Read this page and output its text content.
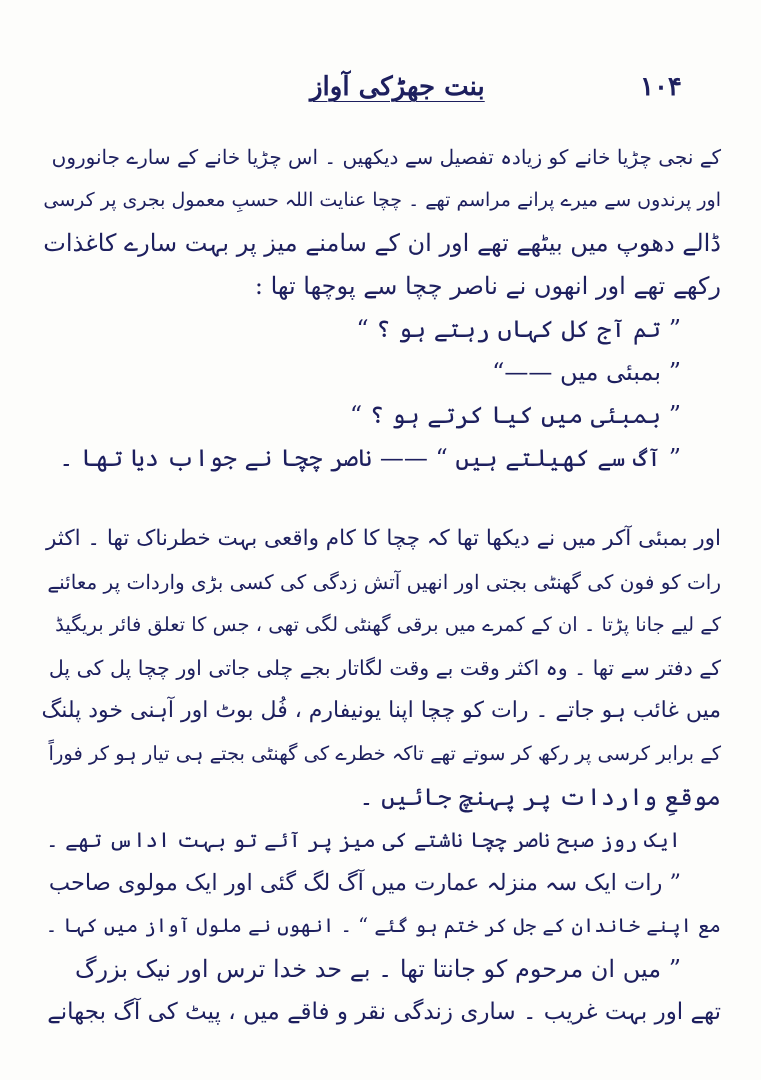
بنت جھڑکی آواز	۱۰۴
کے نجی چڑیا خانے کو زیادہ تفصیل سے دیکھیں ۔ اس چڑیا خانے کے سارے جانوروں
اور پرندوں سے میرے پرانے مراسم تھے ۔ چچا عنایت اللہ حسبِ معمول بجری پر کرسی
ڈالے دھوپ میں بیٹھے تھے اور ان کے سامنے میز پر بہت سارے کاغذات
رکھے تھے اور انھوں نے ناصر چچا سے پوچھا تھا :
” تم آج کل کہاں رہتے ہو ؟ “
” بمبئی میں ——“
” بمبئی میں کیا کرتے ہو ؟ “
” آگ سے کھیلتے ہیں “ —— ناصر چچا نے جواب دیا تھا ۔
اور بمبئی آکر میں نے دیکھا تھا کہ چچا کا کام واقعی بہت خطرناک تھا ۔ اکثر
رات کو فون کی گھنٹی بجتی اور انھیں آتش زدگی کی کسی بڑی واردات پر معائنے
کے لیے جانا پڑتا ۔ ان کے کمرے میں برقی گھنٹی لگی تھی ، جس کا تعلق فائر بریگیڈ
کے دفتر سے تھا ۔ وہ اکثر وقت بے وقت لگاتار بجے چلی جاتی اور چچا پل کی پل
میں غائب ہو جاتے ۔ رات کو چچا اپنا یونیفارم ، فُل بوٹ اور آہنی خود پلنگ
کے برابر کرسی پر رکھ کر سوتے تھے تاکہ خطرے کی گھنٹی بجتے ہی تیار ہو کر فوراً
موقعِ واردات پر پہنچ جائیں ۔
ایک روز صبح ناصر چچا ناشتے کی میز پر آئے تو بہت اداس تھے ۔
” رات ایک سہ منزلہ عمارت میں آگ لگ گئی اور ایک مولوی صاحب
مع اپنے خاندان کے جل کر ختم ہو گئے “ ۔ انھوں نے ملول آواز میں کہا ۔
” میں ان مرحوم کو جانتا تھا ۔ بے حد خدا ترس اور نیک بزرگ
تھے اور بہت غریب ۔ ساری زندگی نقر و فاقے میں ، پیٹ کی آگ بجھانے
